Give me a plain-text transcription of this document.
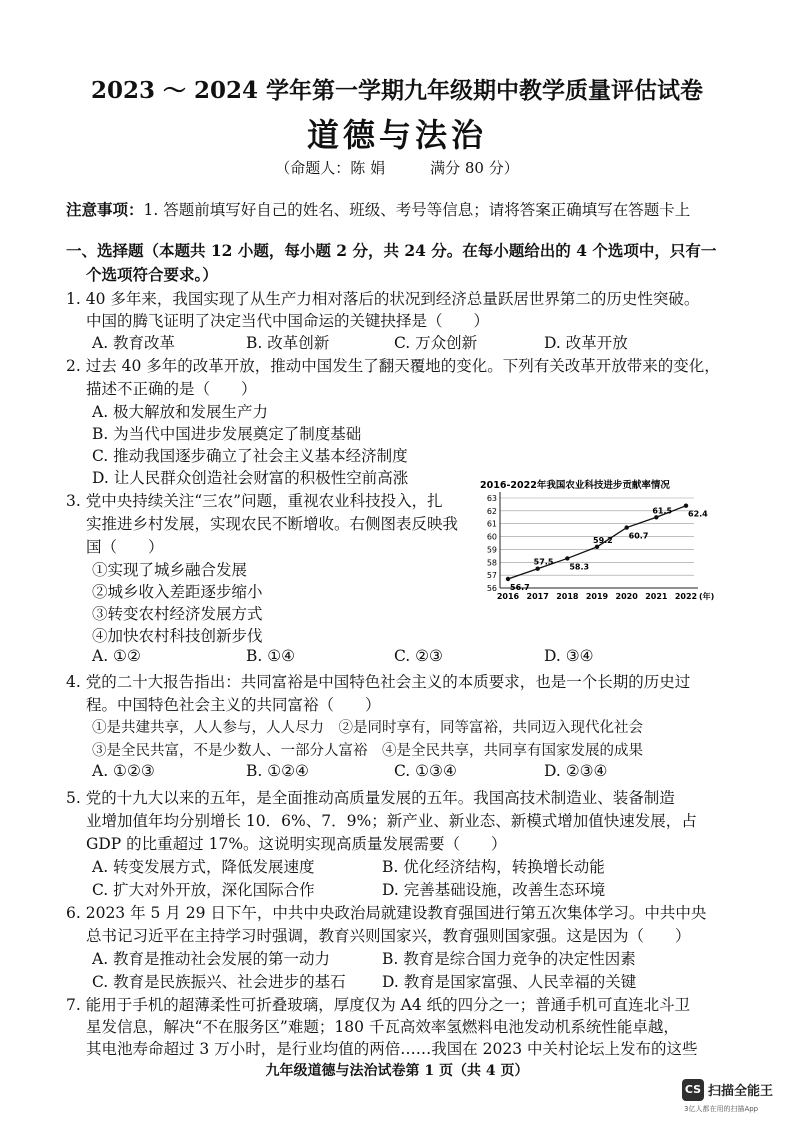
2023 ～ 2024 学年第一学期九年级期中教学质量评估试卷
道德与法治
（命题人：陈 娟　　　满分 80 分）
注意事项：1. 答题前填写好自己的姓名、班级、考号等信息；请将答案正确填写在答题卡上
一、选择题（本题共 12 小题，每小题 2 分，共 24 分。在每小题给出的 4 个选项中，只有一
个选项符合要求。）
1. 40 多年来，我国实现了从生产力相对落后的状况到经济总量跃居世界第二的历史性突破。
中国的腾飞证明了决定当代中国命运的关键抉择是（　　）
A. 教育改革	B. 改革创新	C. 万众创新	D. 改革开放
2. 过去 40 多年的改革开放，推动中国发生了翻天覆地的变化。下列有关改革开放带来的变化，
描述不正确的是（　　）
A. 极大解放和发展生产力
B. 为当代中国进步发展奠定了制度基础
C. 推动我国逐步确立了社会主义基本经济制度
D. 让人民群众创造社会财富的积极性空前高涨
3. 党中央持续关注“三农”问题，重视农业科技投入，扎
实推进乡村发展，实现农民不断增收。右侧图表反映我
国（　　）
①实现了城乡融合发展
②城乡收入差距逐步缩小
③转变农村经济发展方式
④加快农村科技创新步伐
A. ①②	B. ①④	C. ②③	D. ③④
2016-2022年我国农业科技进步贡献率情况
56
57
58
59
60
61
62
63
2016 2017 2018 2019 2020 2021 2022 (年)
56.7
57.5
58.3
59.2 60.7
61.5 62.4
4. 党的二十大报告指出：共同富裕是中国特色社会主义的本质要求，也是一个长期的历史过
程。中国特色社会主义的共同富裕（　　）
①是共建共享，人人参与，人人尽力　②是同时享有，同等富裕，共同迈入现代化社会
③是全民共富，不是少数人、一部分人富裕　④是全民共享，共同享有国家发展的成果
A. ①②③	B. ①②④	C. ①③④	D. ②③④
5. 党的十九大以来的五年，是全面推动高质量发展的五年。我国高技术制造业、装备制造
业增加值年均分别增长 10．6%、7．9%；新产业、新业态、新模式增加值快速发展，占
GDP 的比重超过 17%。这说明实现高质量发展需要（　　）
A. 转变发展方式，降低发展速度	B. 优化经济结构，转换增长动能
C. 扩大对外开放，深化国际合作	D. 完善基础设施，改善生态环境
6. 2023 年 5 月 29 日下午，中共中央政治局就建设教育强国进行第五次集体学习。中共中央
总书记习近平在主持学习时强调，教育兴则国家兴，教育强则国家强。这是因为（　　）
A. 教育是推动社会发展的第一动力	B. 教育是综合国力竞争的决定性因素
C. 教育是民族振兴、社会进步的基石 D. 教育是国家富强、人民幸福的关键
7. 能用于手机的超薄柔性可折叠玻璃，厚度仅为 A4 纸的四分之一；普通手机可直连北斗卫
星发信息，解决“不在服务区”难题；180 千瓦高效率氢燃料电池发动机系统性能卓越，
其电池寿命超过 3 万小时，是行业均值的两倍……我国在 2023 中关村论坛上发布的这些
九年级道德与法治试卷第 1 页（共 4 页）
CS 扫描全能王
3亿人都在用的扫描App
